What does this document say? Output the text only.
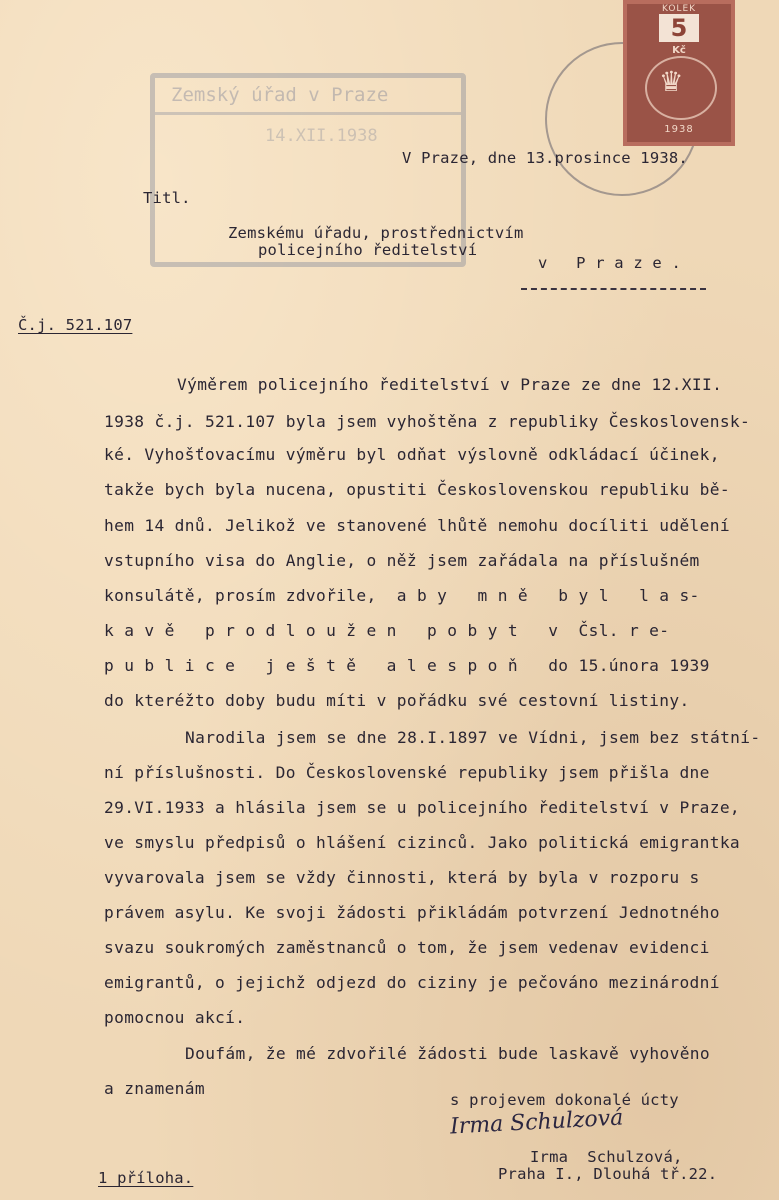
Zemský úřad v Praze
14.XII.1938
KOLEK
5
Kč
♛
1938
V Praze, dne 13.prosince 1938.
Titl.
Zemskému úřadu, prostřednictvím
policejního ředitelství
v   P r a z e .
Č.j. 521.107
Výměrem policejního ředitelství v Praze ze dne 12.XII.
1938 č.j. 521.107 byla jsem vyhoštěna z republiky Československ-
ké. Vyhošťovacímu výměru byl odňat výslovně odkládací účinek,
takže bych byla nucena, opustiti Československou republiku bě-
hem 14 dnů. Jelikož ve stanovené lhůtě nemohu docíliti udělení
vstupního visa do Anglie, o něž jsem zařádala na příslušném
konsulátě, prosím zdvořile,  a b y   m n ě   b y l   l a s-
k a v ě   p r o d l o u ž e n   p o b y t   v  Čsl. r e-
p u b l i c e   j e š t ě   a l e s p o ň   do 15.února 1939
do kteréžto doby budu míti v pořádku své cestovní listiny.
Narodila jsem se dne 28.I.1897 ve Vídni, jsem bez státní-
ní příslušnosti. Do Československé republiky jsem přišla dne
29.VI.1933 a hlásila jsem se u policejního ředitelství v Praze,
ve smyslu předpisů o hlášení cizinců. Jako politická emigrantka
vyvarovala jsem se vždy činnosti, která by byla v rozporu s
právem asylu. Ke svoji žádosti přikládám potvrzení Jednotného
svazu soukromých zaměstnanců o tom, že jsem vedenav evidenci
emigrantů, o jejichž odjezd do ciziny je pečováno mezinárodní
pomocnou akcí.
Doufám, že mé zdvořilé žádosti bude laskavě vyhověno
a znamenám
s projevem dokonalé úcty
Irma Schulzová
Irma  Schulzová,
Praha I., Dlouhá tř.22.
1 příloha.
